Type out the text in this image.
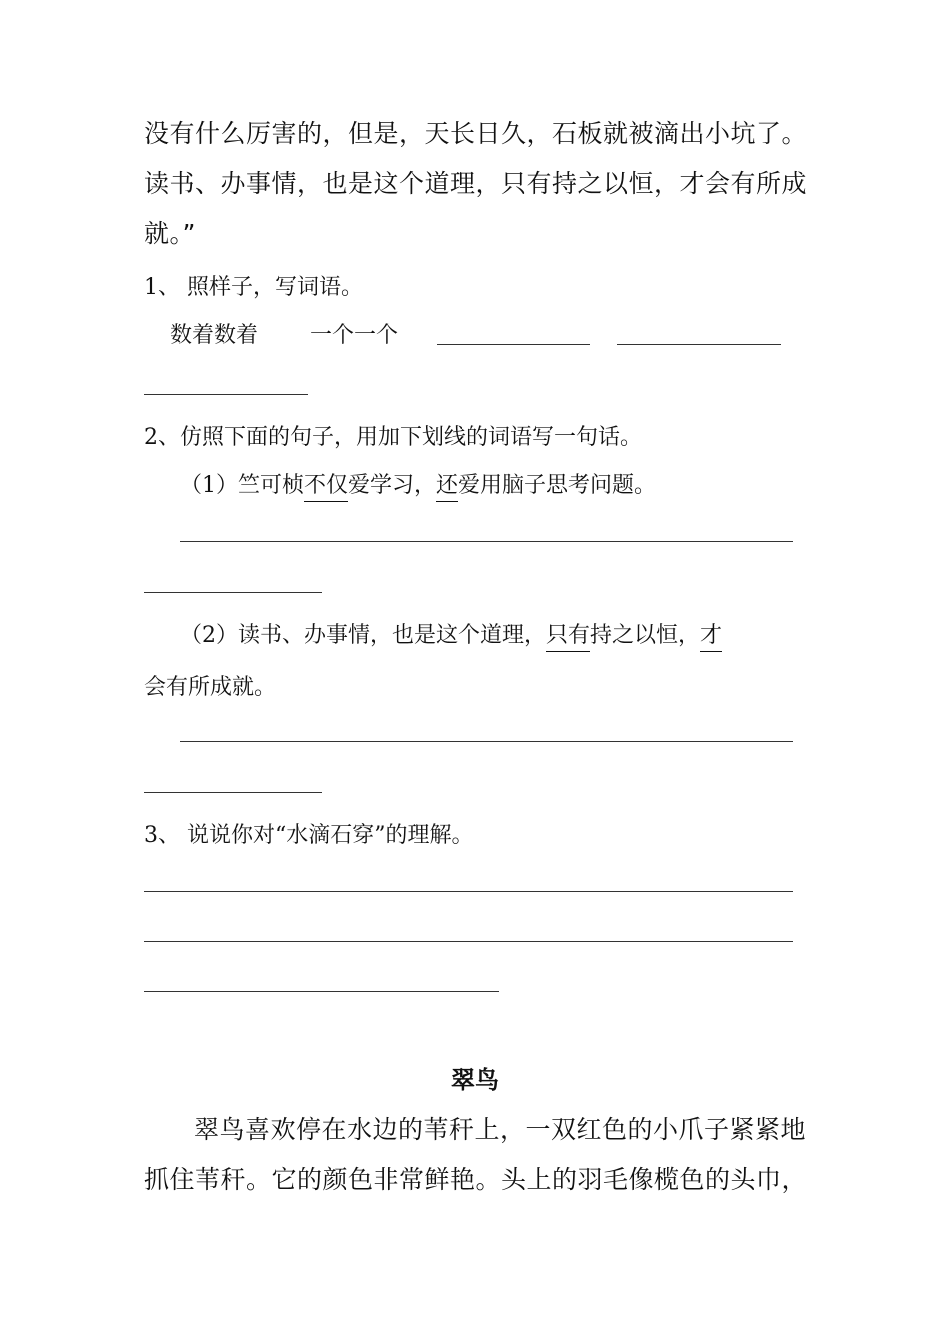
没有什么厉害的，但是，天长日久，石板就被滴出小坑了。
读书、办事情，也是这个道理，只有持之以恒，才会有所成
就。”
1、 照样子，写词语。
数着数着 一个一个
2、仿照下面的句子，用加下划线的词语写一句话。
（1）竺可桢不仅爱学习，还爱用脑子思考问题。
（2）读书、办事情，也是这个道理，只有持之以恒，才
会有所成就。
3、 说说你对“水滴石穿”的理解。
翠鸟
翠鸟喜欢停在水边的苇秆上，一双红色的小爪子紧紧地
抓住苇秆。它的颜色非常鲜艳。头上的羽毛像榄色的头巾，
